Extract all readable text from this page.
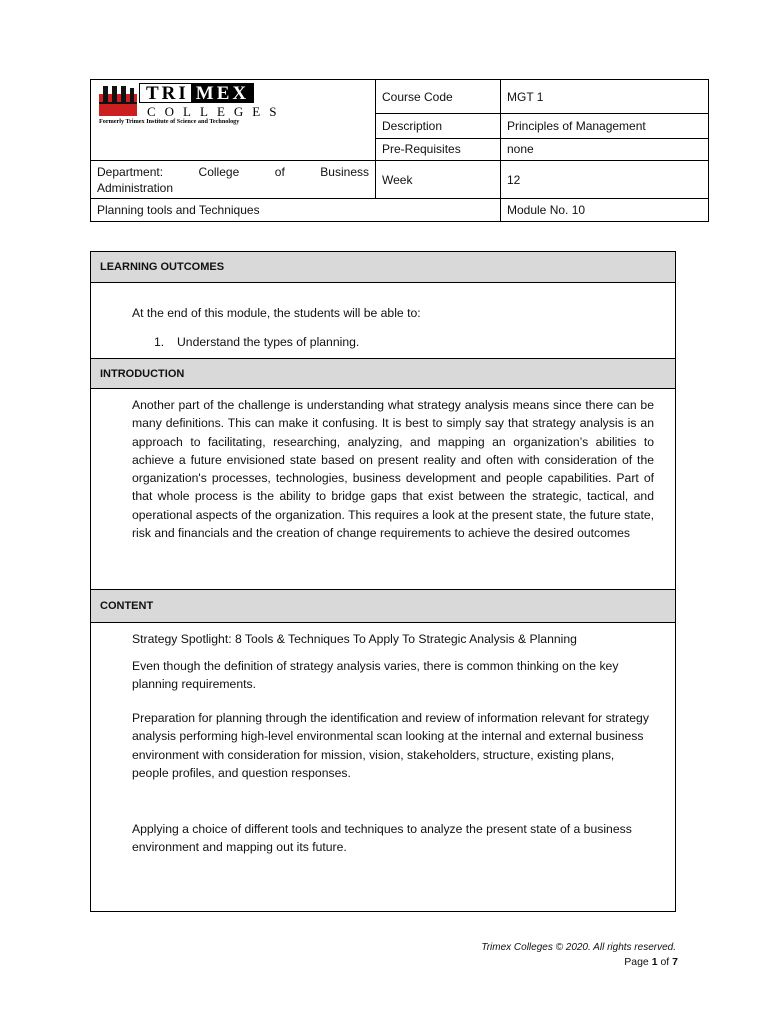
TRI MEX
COLLEGES
Formerly Trimex Institute of Science and Technology	Course Code	MGT 1
	Description	Principles of Management
	Pre-Requisites	none

Department: College of Business
Administration	Week	12
Planning tools and Techniques		Module No. 10
LEARNING OUTCOMES
At the end of this module, the students will be able to:
1. Understand the types of planning.
INTRODUCTION
Another part of the challenge is understanding what strategy analysis means since there can be many definitions. This can make it confusing. It is best to simply say that strategy analysis is an approach to facilitating, researching, analyzing, and mapping an organization’s abilities to achieve a future envisioned state based on present reality and often with consideration of the organization's processes, technologies, business development and people capabilities. Part of that whole process is the ability to bridge gaps that exist between the strategic, tactical, and operational aspects of the organization. This requires a look at the present state, the future state, risk and financials and the creation of change requirements to achieve the desired outcomes
CONTENT
Strategy Spotlight: 8 Tools & Techniques To Apply To Strategic Analysis & Planning
Even though the definition of strategy analysis varies, there is common thinking on the key planning requirements.
Preparation for planning through the identification and review of information relevant for strategy analysis performing high-level environmental scan looking at the internal and external business environment with consideration for mission, vision, stakeholders, structure, existing plans, people profiles, and question responses.
Applying a choice of different tools and techniques to analyze the present state of a business environment and mapping out its future.
Trimex Colleges © 2020. All rights reserved.
Page 1 of 7
